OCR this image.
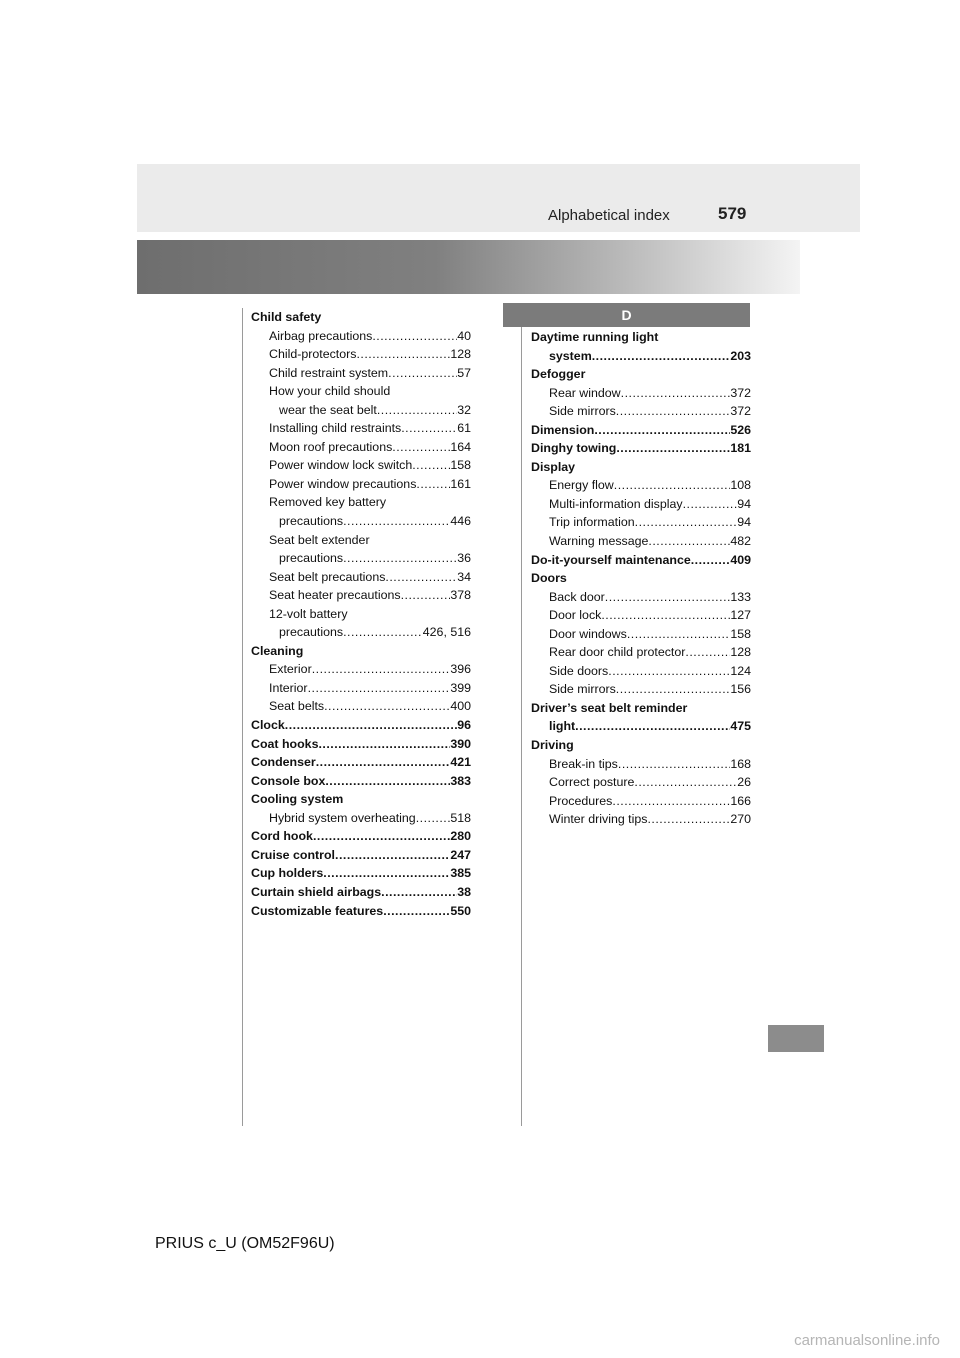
Alphabetical index	579
Child safety
Airbag precautions .....	40
Child-protectors .....	128
Child restraint system .....	57
How your child should
wear the seat belt .....	32
Installing child restraints .....	61
Moon roof precautions .....	164
Power window lock switch .....	158
Power window precautions .....	161
Removed key battery
precautions .....	446
Seat belt extender
precautions .....	36
Seat belt precautions .....	34
Seat heater precautions .....	378
12-volt battery
precautions .....	426, 516
Cleaning
Exterior .....	396
Interior .....	399
Seat belts .....	400
Clock .....	96
Coat hooks .....	390
Condenser .....	421
Console box .....	383
Cooling system
Hybrid system overheating .....	518
Cord hook .....	280
Cruise control .....	247
Cup holders .....	385
Curtain shield airbags .....	38
Customizable features .....	550
D
Daytime running light
system .....	203
Defogger
Rear window .....	372
Side mirrors .....	372
Dimension .....	526
Dinghy towing .....	181
Display
Energy flow .....	108
Multi-information display .....	94
Trip information .....	94
Warning message .....	482
Do-it-yourself maintenance .....	409
Doors
Back door .....	133
Door lock .....	127
Door windows .....	158
Rear door child protector .....	128
Side doors .....	124
Side mirrors .....	156
Driver’s seat belt reminder
light .....	475
Driving
Break-in tips .....	168
Correct posture .....	26
Procedures .....	166
Winter driving tips .....	270
PRIUS c_U (OM52F96U)
carmanualsonline.info
